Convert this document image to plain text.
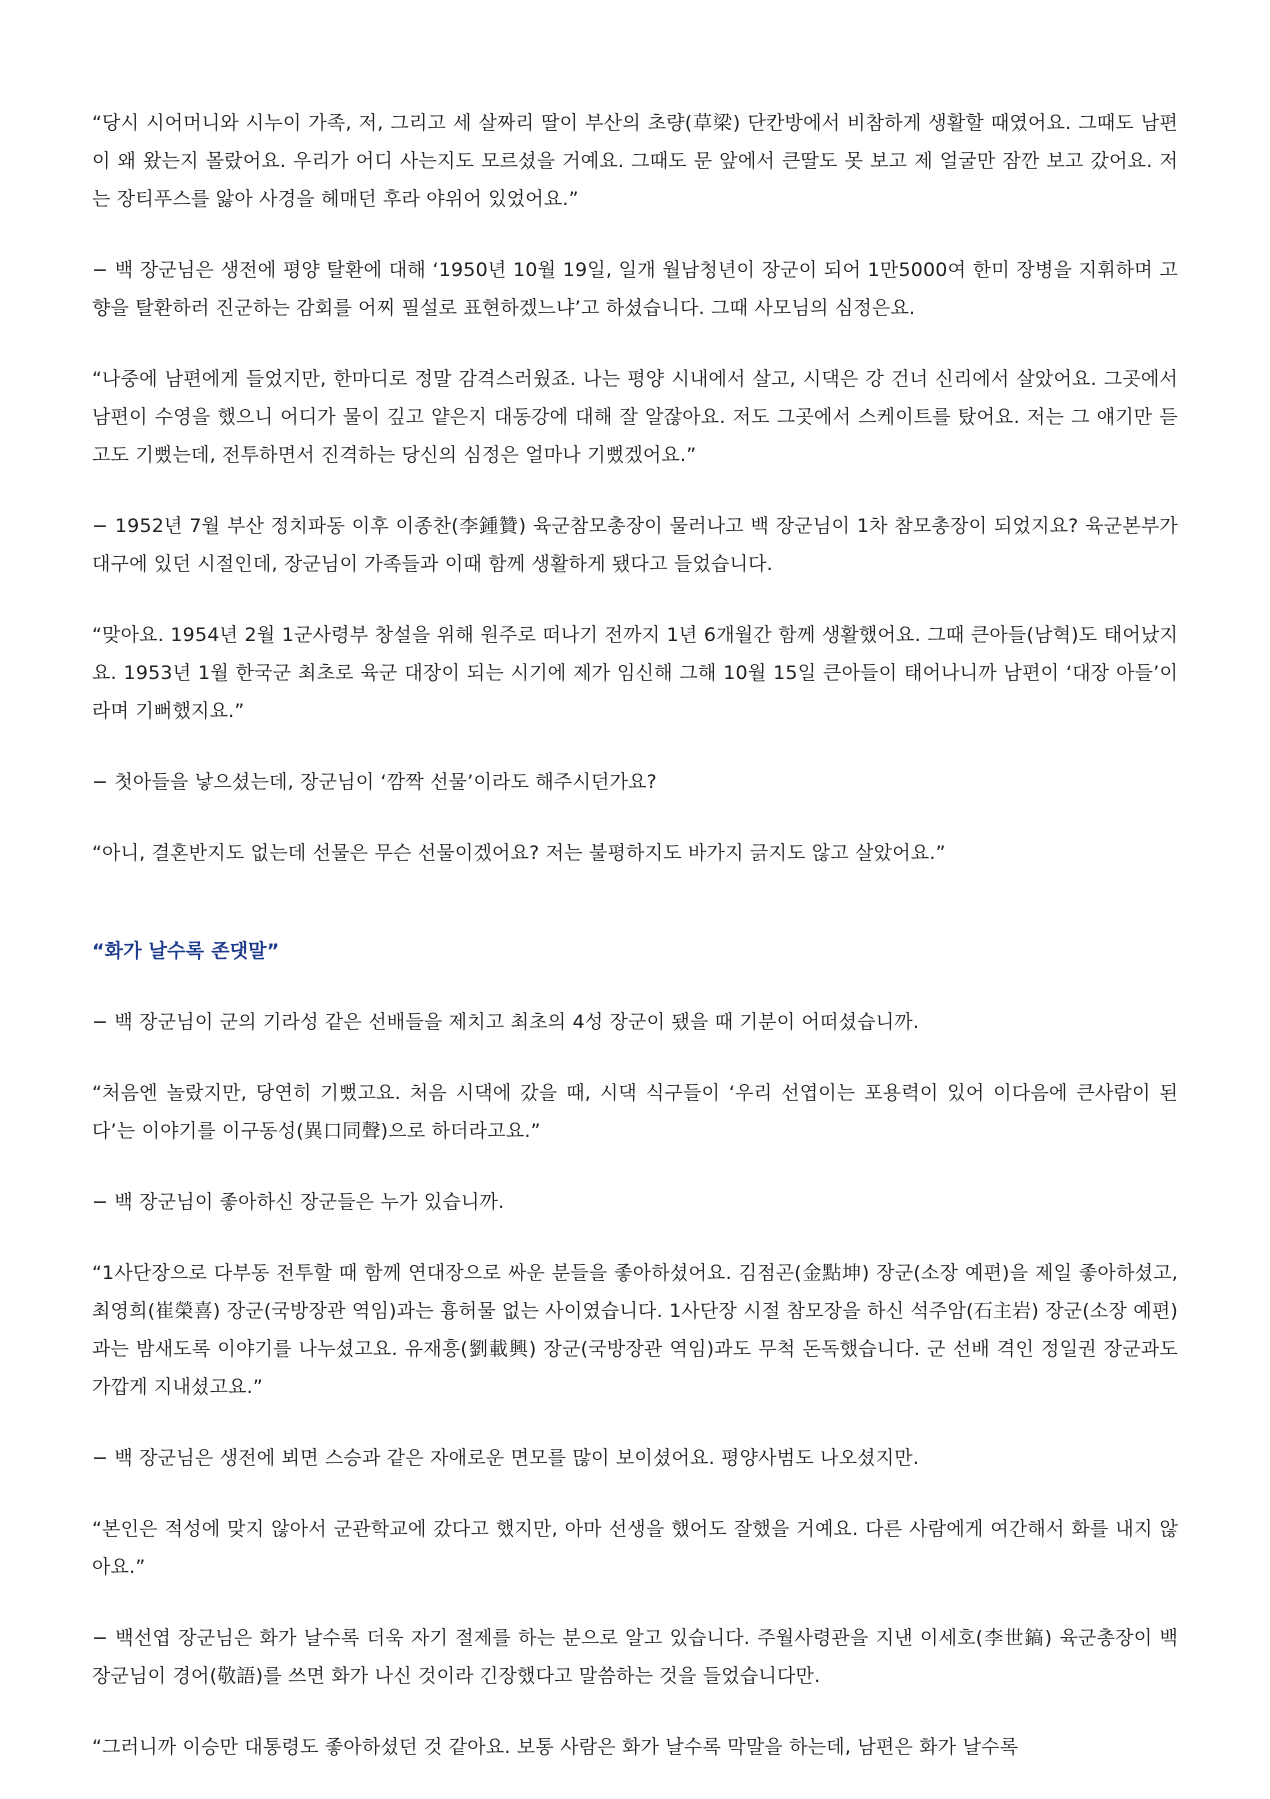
“당시 시어머니와 시누이 가족, 저, 그리고 세 살짜리 딸이 부산의 초량(草梁) 단칸방에서 비참하게 생활할 때였어요. 그때도 남편이 왜 왔는지 몰랐어요. 우리가 어디 사는지도 모르셨을 거예요. 그때도 문 앞에서 큰딸도 못 보고 제 얼굴만 잠깐 보고 갔어요. 저는 장티푸스를 앓아 사경을 헤매던 후라 야위어 있었어요.”

− 백 장군님은 생전에 평양 탈환에 대해 ‘1950년 10월 19일, 일개 월남청년이 장군이 되어 1만5000여 한미 장병을 지휘하며 고향을 탈환하러 진군하는 감회를 어찌 필설로 표현하겠느냐’고 하셨습니다. 그때 사모님의 심정은요.

“나중에 남편에게 들었지만, 한마디로 정말 감격스러웠죠. 나는 평양 시내에서 살고, 시댁은 강 건너 신리에서 살았어요. 그곳에서 남편이 수영을 했으니 어디가 물이 깊고 얕은지 대동강에 대해 잘 알잖아요. 저도 그곳에서 스케이트를 탔어요. 저는 그 얘기만 듣고도 기뻤는데, 전투하면서 진격하는 당신의 심정은 얼마나 기뻤겠어요.”

− 1952년 7월 부산 정치파동 이후 이종찬(李鍾贊) 육군참모총장이 물러나고 백 장군님이 1차 참모총장이 되었지요? 육군본부가 대구에 있던 시절인데, 장군님이 가족들과 이때 함께 생활하게 됐다고 들었습니다.

“맞아요. 1954년 2월 1군사령부 창설을 위해 원주로 떠나기 전까지 1년 6개월간 함께 생활했어요. 그때 큰아들(남혁)도 태어났지요. 1953년 1월 한국군 최초로 육군 대장이 되는 시기에 제가 임신해 그해 10월 15일 큰아들이 태어나니까 남편이 ‘대장 아들’이라며 기뻐했지요.”

− 첫아들을 낳으셨는데, 장군님이 ‘깜짝 선물’이라도 해주시던가요?

“아니, 결혼반지도 없는데 선물은 무슨 선물이겠어요? 저는 불평하지도 바가지 긁지도 않고 살았어요.”

“화가 날수록 존댓말”

− 백 장군님이 군의 기라성 같은 선배들을 제치고 최초의 4성 장군이 됐을 때 기분이 어떠셨습니까.

“처음엔 놀랐지만, 당연히 기뻤고요. 처음 시댁에 갔을 때, 시댁 식구들이 ‘우리 선엽이는 포용력이 있어 이다음에 큰사람이 된다’는 이야기를 이구동성(異口同聲)으로 하더라고요.”

− 백 장군님이 좋아하신 장군들은 누가 있습니까.

“1사단장으로 다부동 전투할 때 함께 연대장으로 싸운 분들을 좋아하셨어요. 김점곤(金點坤) 장군(소장 예편)을 제일 좋아하셨고, 최영희(崔榮喜) 장군(국방장관 역임)과는 흉허물 없는 사이였습니다. 1사단장 시절 참모장을 하신 석주암(石主岩) 장군(소장 예편)과는 밤새도록 이야기를 나누셨고요. 유재흥(劉載興) 장군(국방장관 역임)과도 무척 돈독했습니다. 군 선배 격인 정일권 장군과도 가깝게 지내셨고요.”

− 백 장군님은 생전에 뵈면 스승과 같은 자애로운 면모를 많이 보이셨어요. 평양사범도 나오셨지만.

“본인은 적성에 맞지 않아서 군관학교에 갔다고 했지만, 아마 선생을 했어도 잘했을 거예요. 다른 사람에게 여간해서 화를 내지 않아요.”

− 백선엽 장군님은 화가 날수록 더욱 자기 절제를 하는 분으로 알고 있습니다. 주월사령관을 지낸 이세호(李世鎬) 육군총장이 백 장군님이 경어(敬語)를 쓰면 화가 나신 것이라 긴장했다고 말씀하는 것을 들었습니다만.

“그러니까 이승만 대통령도 좋아하셨던 것 같아요. 보통 사람은 화가 날수록 막말을 하는데, 남편은 화가 날수록
